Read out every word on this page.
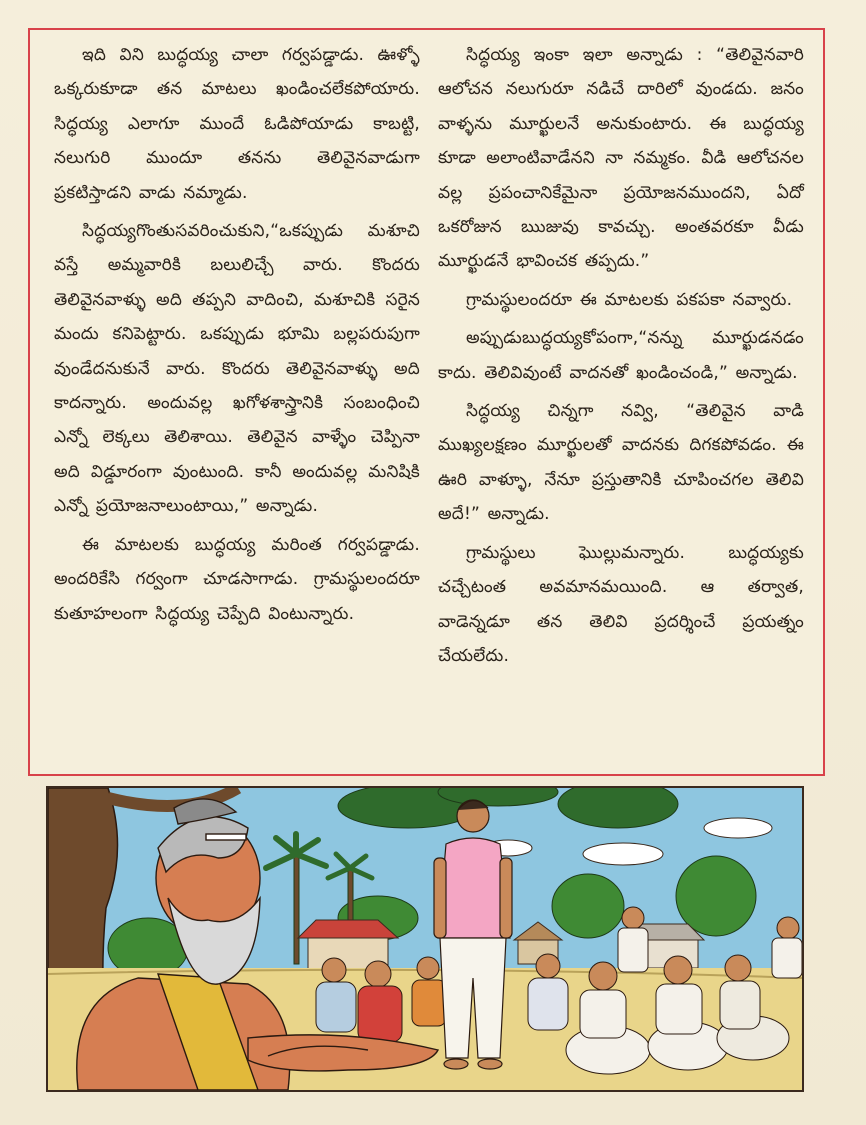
ఇది విని బుద్ధయ్య చాలా గర్వపడ్డాడు. ఊళ్ళో ఒక్కరుకూడా తన మాటలు ఖండించలేకపోయారు. సిద్ధయ్య ఎలాగూ ముందే ఓడిపోయాడు కాబట్టి, నలుగురి ముందూ తనను తెలివైనవాడుగా ప్రకటిస్తాడని వాడు నమ్మాడు.

సిద్ధయ్యగొంతుసవరించుకుని,“ఒకప్పుడు మశూచి వస్తే అమ్మవారికి బలులిచ్చే వారు. కొందరు తెలివైనవాళ్ళు అది తప్పని వాదించి, మశూచికి సరైన మందు కనిపెట్టారు. ఒకప్పుడు భూమి బల్లపరుపుగా వుండేదనుకునే వారు. కొందరు తెలివైనవాళ్ళు అది కాదన్నారు. అందువల్ల ఖగోళశాస్త్రానికి సంబంధించి ఎన్నో లెక్కలు తెలిశాయి. తెలివైన వాళ్ళేం చెప్పినా అది విడ్డూరంగా వుంటుంది. కానీ అందువల్ల మనిషికి ఎన్నో ప్రయోజనాలుంటాయి,” అన్నాడు.

ఈ మాటలకు బుద్ధయ్య మరింత గర్వపడ్డాడు. అందరికేసి గర్వంగా చూడసాగాడు. గ్రామస్థులందరూ కుతూహలంగా సిద్ధయ్య చెప్పేది వింటున్నారు.

సిద్ధయ్య ఇంకా ఇలా అన్నాడు : “తెలివైనవారి ఆలోచన నలుగురూ నడిచే దారిలో వుండదు. జనం వాళ్ళను మూర్ఖులనే అనుకుంటారు. ఈ బుద్ధయ్య కూడా అలాంటివాడేనని నా నమ్మకం. వీడి ఆలోచనల వల్ల ప్రపంచానికేమైనా ప్రయోజనముందని, ఏదో ఒకరోజున ఋజువు కావచ్చు. అంతవరకూ వీడు మూర్ఖుడనే భావించక తప్పదు.”

గ్రామస్థులందరూ ఈ మాటలకు పకపకా నవ్వారు.

అప్పుడుబుద్ధయ్యకోపంగా,“నన్ను మూర్ఖుడనడం కాదు. తెలివివుంటే వాదనతో ఖండించండి,” అన్నాడు.

సిద్ధయ్య చిన్నగా నవ్వి, “తెలివైన వాడి ముఖ్యలక్షణం మూర్ఖులతో వాదనకు దిగకపోవడం. ఈ ఊరి వాళ్ళూ, నేనూ ప్రస్తుతానికి చూపించగల తెలివి అదే!” అన్నాడు.

గ్రామస్థులు ఘొల్లుమన్నారు. బుద్ధయ్యకు చచ్చేటంత అవమానమయింది. ఆ తర్వాత, వాడెన్నడూ తన తెలివి ప్రదర్శించే ప్రయత్నం చేయలేదు.
